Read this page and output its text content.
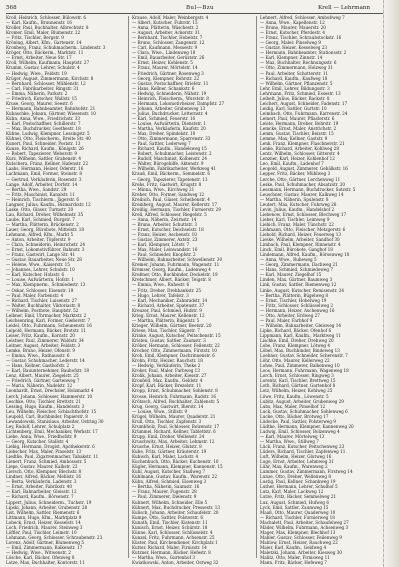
568	Bul—Bzu	Krell — Lehrmann

Kroll, Heinrich, Schlosser, Bülowstr. 6

— Karl, Kaufm., Brunnenstr. 16

Kroller, Paul, Buchhalter, Albrechtstr. 8

Kromer, Emil, Maler, Blumenstr. 22

— Fritz, Tischler, Bergstr. 9

Kröning, Albert, Kfm., Gartenstr. 14

Kronberg, Franz, Schuhmacherm., Lindenstr. 3

Kröger, Otto, Bäckerm., Marktstr. 11

— Ernst, Arbeiter, Neue Str. 17

Kroll, Wilhelm, Kaufmann, Hauptstr. 27

Krumm, Gustav, Lehrer, Schulstr. 4

— Hedwig, Wwe., Feldstr. 19

Krüger, August, Zimmermann, Kirchstr. 8

— Bernhard, Schlosser, Mühlenstr. 12

— Carl, Fabrikarbeiter, Ringstr. 31

— Emma, Näherin, Parkstr. 2

— Friedrich, Kutscher, Wallstr. 15

Kruse, Georg, Maurer, Seestr. 6

— Hermann, Bahnbeamter, Bahnhofstr. 21

Kubaschke, Johann, Gärtner, Wiesenstr. 10

Kuhn, Anna, Wwe., Friedrichstr. 33

— Karl, Postschaffner, Schillerstr. 7

— Max, Buchdrucker, Goethestr. 18

Kühne, Ludwig, Klempner, Lessingstr. 5

Kühnel, Otto, Fleischerm., Breite Str. 40

Kunert, Paul, Schneider, Poststr. 13

Kunze, Richard, Kaufm., Königstr. 26

— Robert, Tapezierer, Weberstr. 9

Kurz, Wilhelm, Sattler, Grabenstr. 4

Kutschera, Franz, Kellner, Hafenstr. 22

Laabs, Hermann, Heizer, Oderstr. 16

Lachmann, Emil, Former, Steinstr. 8

— Gertrud, Verkäuferin, Rosenstr. 3

Lange, Adolf, Arbeiter, Dorfstr. 14

— Bertha, Wwe., Sandstr. 29

— Fritz, Maschinist, Kanalstr. 11

— Heinrich, Tischlerm., Jägerstr. 6

Langner, Julius, Kaufm., Bismarckstr. 12

Laske, Otto, Glaser, Turmstr. 20

Lau, Richard, Dreher, Wilhelmstr. 35

Laube, Karl, Schmied, Burgstr. 7

— Martha, Plätterin, Brückenstr. 2

Lauer, Georg, Bürobote, Mittelstr. 18

Lehmann, Alfred, Kfm., Markt 5

— Anton, Arbeiter, Töpferstr. 9

— Clara, Schneiderin, Heinrichstr. 24

— Ernst, Lokomotivführer, Bahnstr. 3

— Franz, Gastwirt, Lange Str. 41

— Gustav, Bauarbeiter, Neue Str. 28

— Helene, Wwe., Kaiserstr. 15

— Johannes, Lehrer, Schulstr. 10

— Karl, Kutscher, Holzstr. 6

— Louise, Aufwärterin, Hofstr. 1

— Max, Klempnerm., Schmiedestr. 13

— Oskar, Schlosser, Eisenstr. 19

— Paul, Maler, Farbenstr. 4

— Richard, Tischler, Luisenstr. 27

— Walter, Buchhalter, Viktoriastr. 8

— Wilhelm, Postbote, Hauptstr. 52

Leibner, Emil, Uhrmacher, Marktstr. 2

Leichsenring, Karl, Former, Gießerstr. 7

Leidel, Otto, Fuhrmann, Scheunenstr. 16

Leipold, Hermann, Bäcker, Brotstr. 11

Leiser, Fritz, Kaufm., Kornstr. 20

Leistner, Paul, Zimmerer, Waldstr. 34

Leitner, August, Arbeiter, Feldstr. 3

Lemke, Bruno, Heizer, Ofenstr. 9

— Emma, Wwe., Rathausstr. 6

— Gustav, Schuhmacher, Lederstr. 14

— Hans, Kellner, Gasthofstr. 2

— Karl, Bauunternehmer, Bauhofstr. 18

Lenz, Albert, Maurer, Ziegelstr. 25

— Friedrich, Gärtner, Gartenweg 7

— Maria, Näherin, Nadelstr. 12

Leonhardt, Ernst, Drechsler, Holzmarkt 4

Lerch, Johann, Schlosser, Hammerstr. 10

Leschke, Otto, Tischler, Brettstr. 21

Lessing, Hugo, Kaufm., Handelsstr. 3

Leu, Wilhelm, Fleischer, Schlachthofstr. 15

Leupold, Carl, Buchbinder, Papierstr. 8

Lewandowski, Stanislaus, Arbeiter, Ostring 30

Ley, Rudolf, Lehrer, Schulplatz 2

Lichtenberg, Emil, Mechaniker, Werkstr. 17

Liebe, Anna, Wwe., Friedhofstr. 9

— Georg, Kutscher, Stallstr. 4

Liebig, Hermann, Drogist, Apothekerstr. 6

Liebscher, Max, Maler, Pinselstr. 13

Liedtke, Paul, Zigarrenmacher, Tabakstr. 11

Lienert, Franz, Schmied, Ambossstr. 5

Liepe, Gustav, Maurer, Kalkstr. 22

Liersch, Otto, Klempner, Blechstr. 8

Lindner, Alfred, Bäcker, Mehlstr. 16

— Berta, Verkäuferin, Ladenstr. 3

— Ernst, Arbeiter, Fabrikstr. 40

— Karl, Bahnarbeiter, Gleisstr. 12

— Richard, Kaufm., Börsenstr. 7

Lippert, Julius, Schneiderm., Tuchstr. 19

Lipski, Johann, Arbeiter, Grubenstr. 28

List, Wilhelm, Sattler, Riemenstr. 6

Littmann, Hugo, Kfm., Marktplatz 9

Lobeck, Ernst, Heizer, Kesselstr. 14

Loch, Friedrich, Maurer, Steinweg 3

Löffler, Paul, Tischler, Leimstr. 10

Lohmann, Georg, Schlosser, Schraubenstr. 23

Lorenz, Adolf, Gärtner, Blumenweg 5

— Emil, Zimmermann, Balkenstr. 17

— Hedwig, Wwe., Witwenstr. 2

Lösche, Karl, Bäcker, Ofenweg 8

Lotze, Max, Buchhalter, Kontorstr. 11

Krause, Adolf, Maler, Weinbergstr. 4

— Albert, Kutscher, Fuhrstr. 15

— Anna, Plätterin, Wäschestr. 2

— August, Arbeiter, Ackerstr. 31

— Bernhard, Tischler, Hobelstr. 7

— Bruno, Schlosser, Zangenstr. 12

— Carl, Kaufmann, Messestr. 9

— Clara, Wwe., Lindenweg 18

— Emil, Bauarbeiter, Gerüststr. 26

— Ernst, Heizer, Kohlenstr. 5

— Franz, Maurer, Mörtelstr. 14

— Friedrich, Gärtner, Rosenweg 3

— Georg, Klempner, Rohrstr. 22

— Gustav, Postschaffner, Briefstr. 11

— Hans, Kellner, Schankstr. 6

— Hedwig, Schneiderin, Nähstr. 19

— Heinrich, Fleischerm., Wurststr. 8

— Hermann, Lokomotivheizer, Dampfstr. 27

— Johann, Arbeiter, Grabenweg 13

— Julius, Buchdrucker, Letternstr. 4

— Karl, Schmied, Feuerstr. 16

— Louise, Aufwärterin, Dienststr. 1

— Martha, Verkäuferin, Kaufstr. 20

— Max, Dreher, Spindelstr. 10

— Otto, Zimmermann, Sparrenstr. 33

— Paul, Sattler, Lederweg 7

— Richard, Kaufm., Handelsweg 15

— Robert, Schuhmacher, Leistenstr. 2

— Rudolf, Maschinist, Kolbenstr. 24

— Walter, Bürogehilfe, Aktenstr. 9

— Wilhelm, Fabrikarbeiter, Werkweg 41

Krauß, Emil, Bäckerm., Semmelstr. 6

— Georg, Tapezierer, Tapetenstr. 13

Krebs, Fritz, Gastwirt, Krugstr. 8

— Minna, Wwe., Kirchweg 21

Kreher, Otto, Former, Sandweg 12

Kreibich, Paul, Glaser, Scheibenstr. 4

Kreinberg, August, Maurer, Kellerstr. 17

Kreißig, Hermann, Tischler, Furnierstr. 29

Krell, Alfred, Schlosser, Riegelstr. 5

— Anna, Näherin, Zwirnstr. 14

— Bruno, Arbeiter, Schuttstr. 3

— Ernst, Kutscher, Deichselstr. 18

— Franz, Heizer, Aschenstr. 10

— Gustav, Zimmerer, Axtstr. 23

— Karl, Klempner, Lötstr. 7

— Max, Maler, Leinwandstr. 16

— Paul, Schneider, Knopfstr. 2

— Wilhelm, Bahnarbeiter, Schwellenstr. 30

Kremer, Johann, Fuhrmann, Wagenstr. 11

Kremser, Georg, Kaufm., Ladenweg 4

Kreßner, Otto, Buchbinder, Deckelstr. 19

Kretschmer, Albert, Bäcker, Teigstr. 8

— Emma, Wwe., Ruhestr. 6

— Fritz, Dreher, Drehbankstr. 25

— Hugo, Lehrer, Tafelstr. 3

— Karl, Mechaniker, Zahnradstr. 14

— Richard, Arbeiter, Spatenstr. 37

Kreuzer, Paul, Schmied, Hufstr. 9

Krieg, Ernst, Maurer, Kellenstr. 12

— Martha, Plätterin, Bügelstr. 5

Krieger, Wilhelm, Gärtner, Beetstr. 20

Kriese, Max, Tischler, Sägestr. 7

Krinke, August, Kutscher, Peitschenstr. 15

Kristen, Gustav, Sattler, Zaumstr. 3

Kröber, Hermann, Schlosser, Feilenstr. 22

Krocker, Otto, Zimmermann, Firststr. 10

Kroh, Emil, Klempner, Dachrinnenstr. 6

Krohn, Fritz, Heizer, Rauchstr. 18

— Hedwig, Verkäuferin, Theke 2

Kroker, Paul, Maler, Farbweg 13

Krolik, Johann, Arbeiter, Kiesstr. 27

Kronfeld, Max, Kaufm., Geldstr. 4

Kropf, Karl, Bäcker, Brezelstr. 11

Kropp, Ernst, Schuhmacher, Sohlenstr. 8

Krosse, Heinrich, Fuhrmann, Radstr. 16

Krötzsch, Alfred, Buchhalter, Zahlenstr. 5

Krug, Georg, Gastwirt, Bierstr. 14

— Louise, Wwe., Stillstr. 9

Krügel, Wilhelm, Maurer, Quaderstr. 21

Krull, Otto, Tischler, Zapfenstr. 3

Krumbholz, Paul, Schlosser, Bolzenstr. 17

Krümmel, Richard, Kellner, Tablettstr. 6

Krupp, Emil, Dreher, Wellenstr. 24

Kruschwitz, Max, Arbeiter, Lehmstr. 12

Krusche, Ernst, Heizer, Glutstr. 8

Kube, Fritz, Gärtner, Kräuterstr. 19

Kubisch, Karl, Maler, Lackstr. 4

Kuchenbuch, Otto, Bäcker, Kuchenstr. 10

Kügler, Hermann, Klempner, Kannenstr. 15

Kuhl, August, Kutscher, Stallweg 7

Kuhlmann, Gustav, Kaufm., Warenstr. 22

Kühn, Alfred, Schmied, Eisenweg 3

— Bertha, Näherin, Saumstr. 16

— Franz, Maurer, Fugenstr. 28

— Paul, Zimmerer, Dielenstr. 9

Kuhnert, Wilhelm, Schneider, Elle 5

Kühnert, Max, Buchdrucker, Pressestr. 13

Kulisch, Johann, Arbeiter, Schaufelstr. 20

Kumpe, Otto, Sattler, Polsterstr. 6

Kunath, Emil, Tischler, Kistenstr. 11

Kunisch, Ernst, Heizer, Schürstr. 18

Künne, Karl, Schlosser, Schlüsselstr. 4

Kunzel, Fritz, Fuhrmann, Achsenstr. 25

Küster, Paul, Kirchendiener, Kirchplatz 1

Kutter, Richard, Maler, Firnisstr. 14

Kutzner, Hermann, Bäcker, Hefestr. 8

— Martha, Wwe., Gartenhof 3

Kwiatkowski, Anton, Arbeiter, Ostweg 32

Lehnert, Alfred, Schlosser, Amboßweg 7

— Anna, Wwe., Kapellenstr. 12

— Bruno, Maurer, Mauerstr. 20

— Ernst, Kutscher, Pferdestr. 4

— Franz, Tischler, Schraubstockstr. 16

— Georg, Maler, Pinselweg 9

— Gustav, Heizer, Kesselweg 23

— Hermann, Bahnbeamter, Stationsstr. 2

— Karl, Klempner, Zinnstr. 14

— Max, Buchhalter, Rechnungsstr. 6

— Otto, Zimmermann, Holzweg 31

— Paul, Arbeiter, Schotterstr. 11

— Richard, Kaufm., Kaufweg 18

— Wilhelm, Gärtner, Pflanzenstr. 5

Lehr, Emil, Lehrer, Bildungsstr. 3

Lehrmann, Fritz, Schmied, Essestr. 13

Leibelt, Julius, Bäcker, Backstr. 8

Leichert, August, Schneider, Fadenstr. 17

Leidig, Karl, Sattler, Gurtstr. 10

Leimbach, Otto, Fuhrmann, Karrenstr. 24

Leinert, Paul, Maurer, Pflasterstr. 6

Leiste, Hermann, Dreher, Bohrstr. 19

Lemcke, Ernst, Maler, Anstrichstr. 2

Lemm, Gustav, Tischler, Beizstr. 15

Lemme, Max, Kellner, Gaststr. 9

Lenk, Franz, Klempner, Flaschnerstr. 21

Lenke, Richard, Arbeiter, Kohlweg 28

Lentz, Wilhelm, Schlosser, Gitterstr. 4

Lenzner, Karl, Heizer, Kohlenhof 12

Leo, Emil, Kaufm., Ladenhof 7

Leopold, August, Zimmerer, Gebälkstr. 16

Lepper, Fritz, Bäcker, Mühlweg 3

Lerche, Otto, Gärtner, Lerchenweg 11

Leske, Paul, Schuhmacher, Absatzstr. 20

Lessmann, Hermann, Buchdrucker, Satzstr. 5

Leuschner, Gustav, Maurer, Kalkweg 14

— Martha, Näherin, Spulenstr. 8

Leutert, Max, Kutscher, Fuhrweg 26

Levin, Julius, Kaufm., Handelshof 2

Liebenow, Ernst, Schlosser, Blechweg 17

Lieber, Karl, Tischler, Leimweg 9

Liebich, Franz, Maler, Tünchstr. 22

Liebmann, Otto, Fleischer, Metzgerstr. 6

Liebold, Richard, Heizer, Feuerweg 13

Lieske, Wilhelm, Arbeiter, Sandhof 30

Limbach, Paul, Klempner, Rinnenstr. 4

Linck, Emil, Bürobote, Ganghof 18

Lindemann, Alfred, Kaufm., Börsenweg 10

— Anna, Wwe., Ruheweg 5

— Georg, Zimmermann, Dachweg 21

— Hans, Schmied, Schmiedeweg 7

— Karl, Maurer, Ziegelhof 15

Linden, Max, Gärtner, Baumweg 3

Link, Gustav, Sattler, Riemenweg 12

Linke, August, Kutscher, Remisenstr. 24

— Bertha, Plätterin, Bügelweg 8

— Ernst, Tischler, Hobelweg 19

— Fritz, Schlosser, Schlüsselweg 2

— Hermann, Heizer, Aschenweg 16

— Otto, Arbeiter, Erdweg 27

— Paul, Maler, Farbhof 9

— Wilhelm, Bahnarbeiter, Gleisweg 14

Lipke, Richard, Bäcker, Ofenhof 6

Lippmann, Karl, Kaufm., Marktweg 11

Lischke, Emil, Dreher, Drehweg 20

Lobe, Franz, Klempner, Lötweg 4

Löbel, Max, Buchbinder, Bindeweg 13

Loebner, Gustav, Schneider, Scherenstr. 7

Löhr, Otto, Maurer, Kellerweg 22

Lohse, Paul, Zimmerer, Balkenweg 10

Loos, Hermann, Fuhrmann, Wagenweg 18

Lorch, Ernst, Schlosser, Ringweg 3

Lorentz, Karl, Tischler, Brettweg 15

Loth, Richard, Gärtner, Gartenhof 8

Lotz, Wilhelm, Heizer, Kohlweg 25

Löwe, Fritz, Kaufm., Löwenstr. 5

Lubitz, August, Arbeiter, Grubenweg 29

Lubs, Max, Maler, Pinselhof 12

Luck, Gustav, Schuhmacher, Sohlenweg 6

Lucke, Otto, Bäcker, Brotweg 17

Lüdecke, Paul, Sattler, Polsterweg 9

Lüdtke, Hermann, Klempner, Kannenweg 20

Ludwig, Emil, Schlosser, Bolzenweg 4

— Karl, Maurer, Mörtelweg 13

— Martha, Wwe., Stillweg 7

Lück, Franz, Kutscher, Peitschenweg 23

Lüders, Richard, Tischler, Zapfenweg 11

Luft, Wilhelm, Heizer, Glutweg 16

Luge, Ernst, Arbeiter, Lehmweg 31

Lühr, Max, Kaufm., Warenweg 2

Lummer, Gustav, Zimmermann, Firstweg 14

Lunze, Otto, Dreher, Wellenweg 8

Lustig, Paul, Kellner, Schankweg 19

Luther, Hermann, Lehrer, Schulhof 5

Lutz, Karl, Maler, Lackweg 12

Lutze, Fritz, Bäcker, Semmelweg 21

Lux, August, Schmied, Hufweg 6

Lyck, Emil, Sattler, Zaumweg 15

Maaß, Otto, Maurer, Quaderweg 10

— Richard, Tischler, Furnierweg 18

Machalett, Paul, Arbeiter, Schaufelweg 27

Mäder, Wilhelm, Fuhrmann, Achsenweg 3

Mager, Max, Klempner, Blechhof 13

Mahler, Gustav, Schlosser, Feilenweg 9

Mahlow, Ernst, Heizer, Rauchweg 22

Maier, Karl, Kaufm., Geldweg 4

Maletzki, Johann, Arbeiter, Kiesweg 30

Malitz, Otto, Maler, Firnisweg 11

Mann, Fritz, Bäcker, Hefeweg 7
